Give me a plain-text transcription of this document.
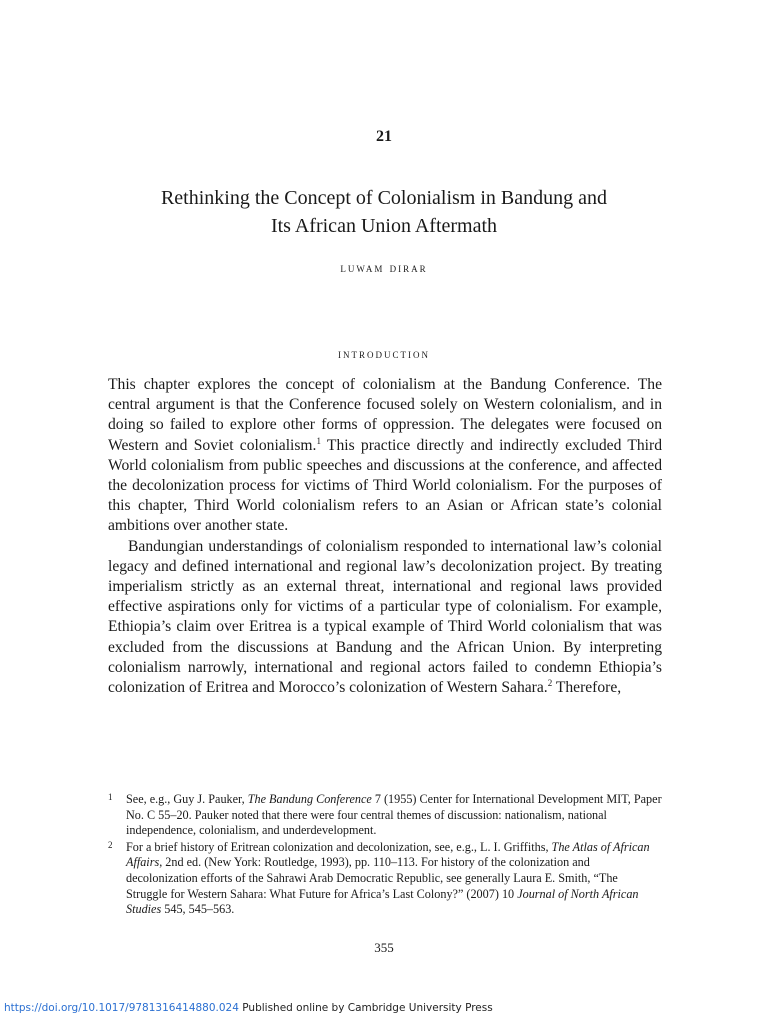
21
Rethinking the Concept of Colonialism in Bandung and
Its African Union Aftermath
luwam dirar
introduction

This chapter explores the concept of colonialism at the Bandung Conference. The central argument is that the Conference focused solely on Western colonialism, and in doing so failed to explore other forms of oppression. The delegates were focused on Western and Soviet colonialism.$^1$ This practice directly and indirectly excluded Third World colonialism from public speeches and discussions at the conference, and affected the decolonization process for victims of Third World colonialism. For the purposes of this chapter, Third World colonialism refers to an Asian or African state’s colonial ambitions over another state.

Bandungian understandings of colonialism responded to international law’s colonial legacy and defined international and regional law’s decolonization project. By treating imperialism strictly as an external threat, international and regional laws provided effective aspirations only for victims of a particular type of colonialism. For example, Ethiopia’s claim over Eritrea is a typical example of Third World colonialism that was excluded from the discussions at Bandung and the African Union. By interpreting colonialism narrowly, international and regional actors failed to condemn Ethiopia’s colonization of Eritrea and Morocco’s colonization of Western Sahara.$^2$ Therefore,

1 See, e.g., Guy J. Pauker, The Bandung Conference 7 (1955) Center for International Development MIT, Paper No. C 55–20. Pauker noted that there were four central themes of discussion: nationalism, national independence, colonialism, and underdevelopment.
2 For a brief history of Eritrean colonization and decolonization, see, e.g., L. I. Griffiths, The Atlas of African Affairs, 2nd ed. (New York: Routledge, 1993), pp. 110–113. For history of the colonization and decolonization efforts of the Sahrawi Arab Democratic Republic, see generally Laura E. Smith, “The Struggle for Western Sahara: What Future for Africa’s Last Colony?” (2007) 10 Journal of North African Studies 545, 545–563.
355
https://doi.org/10.1017/9781316414880.024 Published online by Cambridge University Press
